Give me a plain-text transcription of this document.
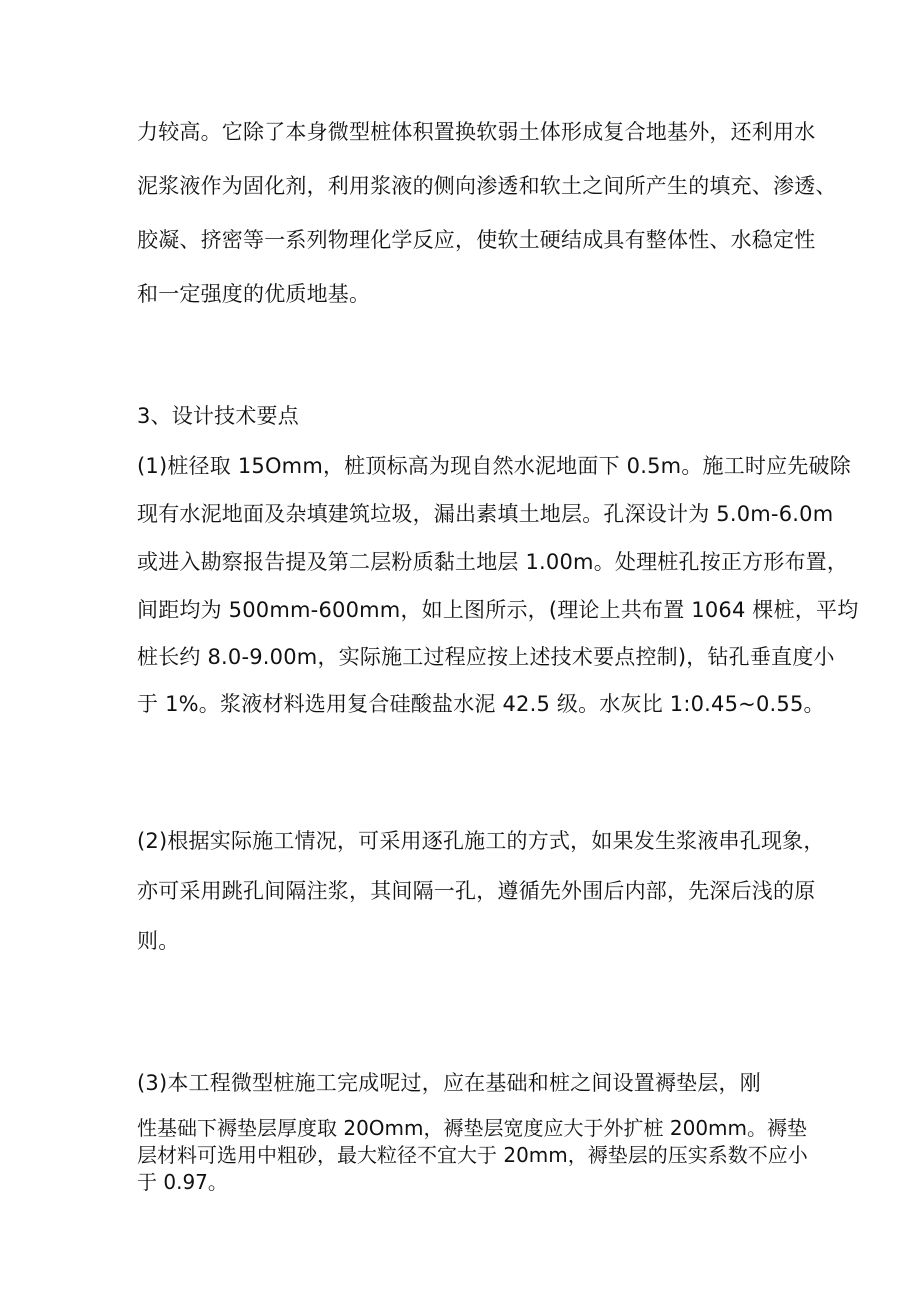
力较高。它除了本身微型桩体积置换软弱土体形成复合地基外，还利用水
泥浆液作为固化剂，利用浆液的侧向渗透和软土之间所产生的填充、渗透、
胶凝、挤密等一系列物理化学反应，使软土硬结成具有整体性、水稳定性
和一定强度的优质地基。
3、设计技术要点
(1)桩径取 15Omm，桩顶标高为现自然水泥地面下 0.5m。施工时应先破除
现有水泥地面及杂填建筑垃圾，漏出素填土地层。孔深设计为 5.0m-6.0m
或进入勘察报告提及第二层粉质黏土地层 1.00m。处理桩孔按正方形布置，
间距均为 500mm-600mm，如上图所示，(理论上共布置 1064 棵桩，平均
桩长约 8.0-9.00m，实际施工过程应按上述技术要点控制)，钻孔垂直度小
于 1%。浆液材料选用复合硅酸盐水泥 42.5 级。水灰比 1:0.45~0.55。
(2)根据实际施工情况，可采用逐孔施工的方式，如果发生浆液串孔现象，
亦可采用跳孔间隔注浆，其间隔一孔，遵循先外围后内部，先深后浅的原
则。
(3)本工程微型桩施工完成呢过，应在基础和桩之间设置褥垫层，刚
性基础下褥垫层厚度取 20Omm，褥垫层宽度应大于外扩桩 200mm。褥垫
层材料可选用中粗砂，最大粒径不宜大于 20mm，褥垫层的压实系数不应小
于 0.97。
